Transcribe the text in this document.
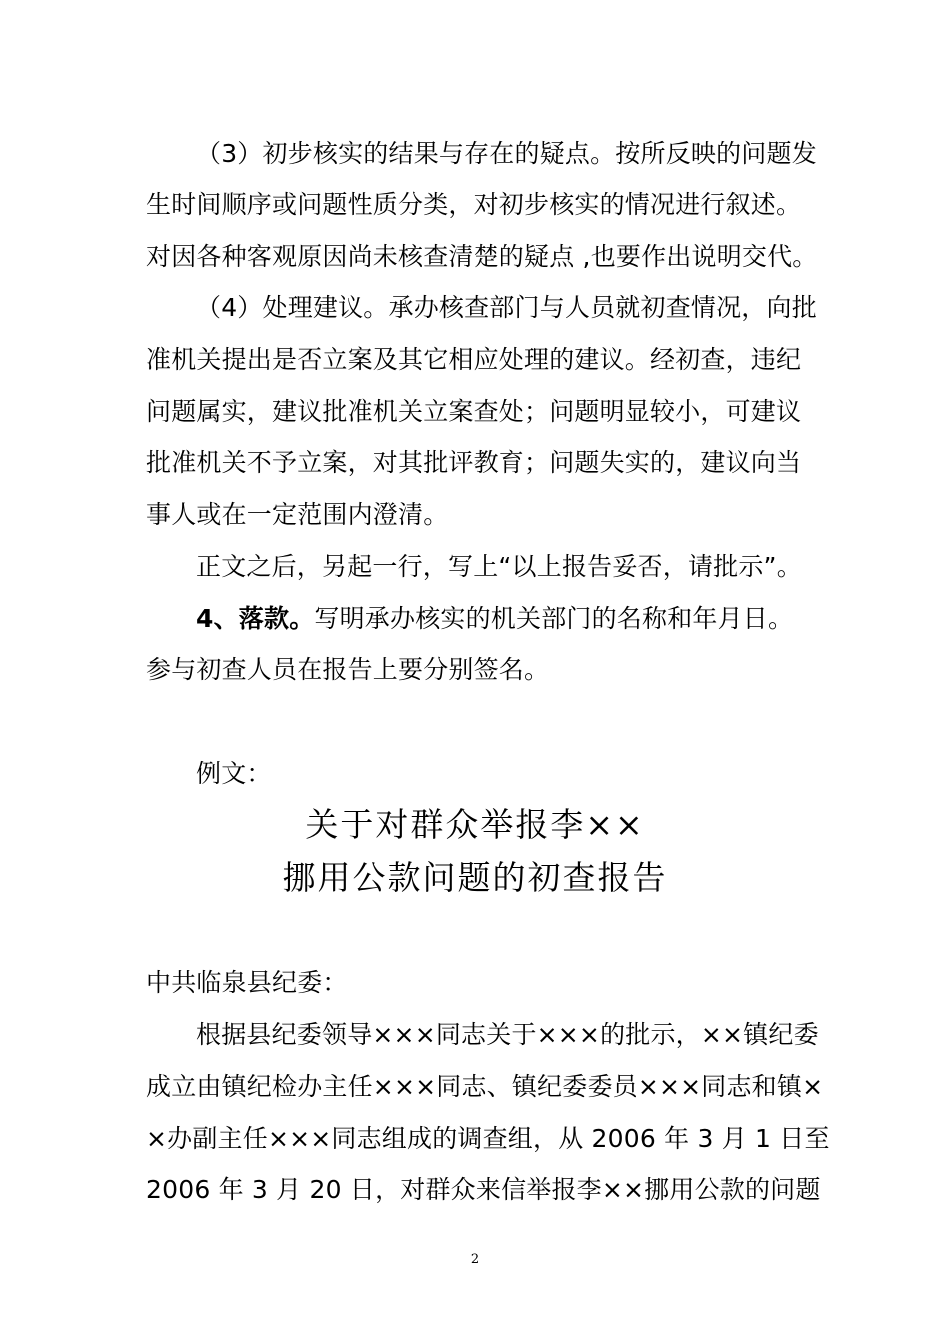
（3）初步核实的结果与存在的疑点。按所反映的问题发
生时间顺序或问题性质分类，对初步核实的情况进行叙述。
对因各种客观原因尚未核查清楚的疑点 ,也要作出说明交代。
（4）处理建议。承办核查部门与人员就初查情况，向批
准机关提出是否立案及其它相应处理的建议。经初查，违纪
问题属实，建议批准机关立案查处；问题明显较小，可建议
批准机关不予立案，对其批评教育；问题失实的，建议向当
事人或在一定范围内澄清。
正文之后，另起一行，写上“以上报告妥否，请批示”。
4、落款。写明承办核实的机关部门的名称和年月日。
参与初查人员在报告上要分别签名。
例文：
关于对群众举报李××
挪用公款问题的初查报告
中共临泉县纪委：
根据县纪委领导×××同志关于×××的批示，××镇纪委
成立由镇纪检办主任×××同志、镇纪委委员×××同志和镇×
×办副主任×××同志组成的调查组，从 2006 年 3 月 1 日至
2006 年 3 月 20 日，对群众来信举报李××挪用公款的问题
2
